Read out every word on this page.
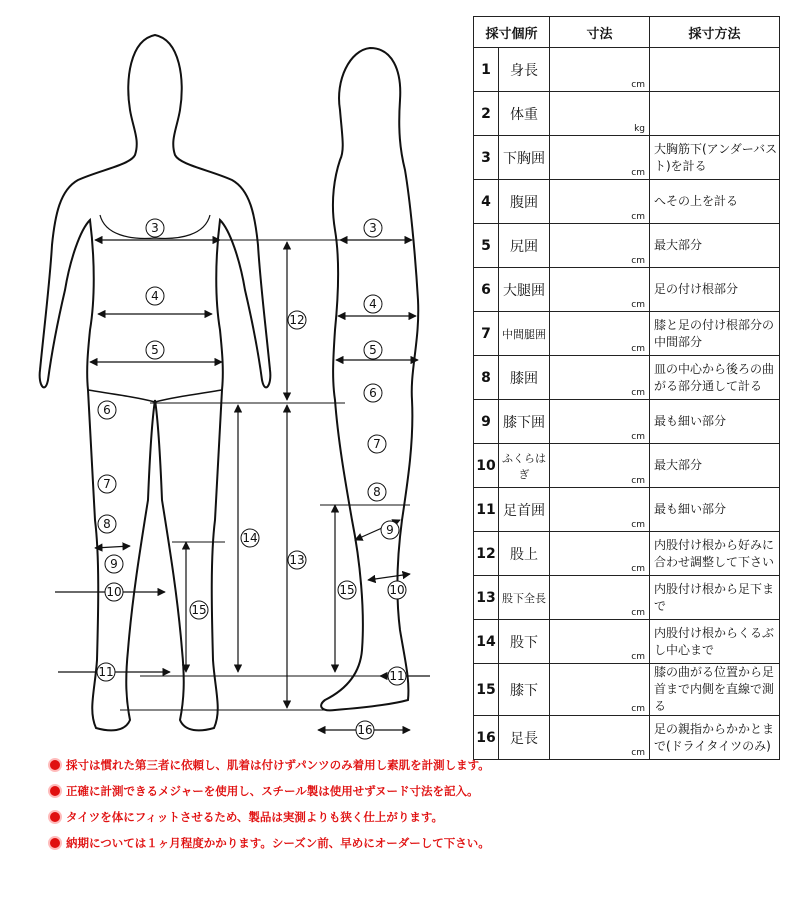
3	3
4
4
5	5
6
6
7
7
8
8
9
9
10	10
11	11
12
13
14
15
15
16
採寸個所		寸法	採寸方法
1	身長	cm	

2	体重	kg	

3	下胸囲	cm	大胸筋下(アンダーバスト)を計る
4	腹囲	cm	へその上を計る
5	尻囲	cm	最大部分
6	大腿囲	cm	足の付け根部分
7	中間腿囲	cm	膝と足の付け根部分の中間部分
8	膝囲	cm	皿の中心から後ろの曲がる部分通して計る
9	膝下囲	cm	最も細い部分
10	ふくらはぎ	cm	最大部分
11	足首囲	cm	最も細い部分
12	股上	cm	内股付け根から好みに合わせ調整して下さい
13	股下全長	cm	内股付け根から足下まで
14	股下	cm	内股付け根からくるぶし中心まで
15	膝下	cm	膝の曲がる位置から足首まで内側を直線で測る
16	足長	cm	足の親指からかかとまで(ドライタイツのみ)
採寸は慣れた第三者に依頼し、肌着は付けずパンツのみ着用し素肌を計測します。
正確に計測できるメジャーを使用し、スチール製は使用せずヌード寸法を記入。
タイツを体にフィットさせるため、製品は実測よりも狭く仕上がります。
納期については１ヶ月程度かかります。シーズン前、早めにオーダーして下さい。
